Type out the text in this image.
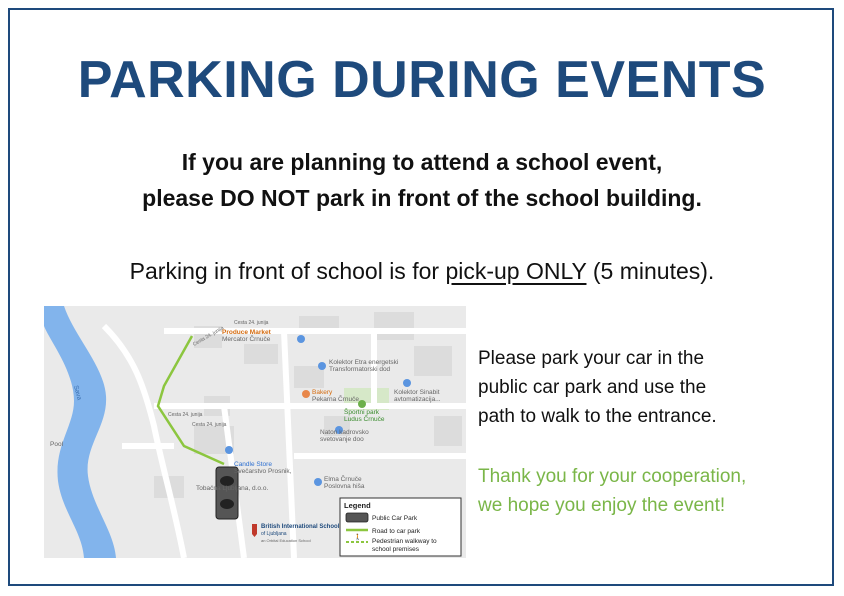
PARKING DURING EVENTS
If you are planning to attend a school event,
please DO NOT park in front of the school building.
Parking in front of school is for pick-up ONLY (5 minutes).
Produce Market
Mercator Črnuče
Kolektor Etra energetski
Transformatorski dod
Kolektor Sinabit
avtomatizacija...
Bakery
Pekarna Črnuče
Športni park
Ludus Črnuče
Naton kadrovsko
svetovanje doo
Candle Store
Svečarstvo Prosnik,
Elma Črnuče
Poslovna hiša
Tobačna Ljubljana, d.o.o.
Pool
Sava
Cesta 24. junija
Cesta 24. junija
Cesta 24. junija
Cesta 24. junija
British International School
of Ljubljana
an Orbital Education School
Legend
Public Car Park
Road to car park
🚶 Pedestrian walkway to
school premises
Please park your car in the
public car park and use the
path to walk to the entrance.
Thank you for your cooperation,
we hope you enjoy the event!
